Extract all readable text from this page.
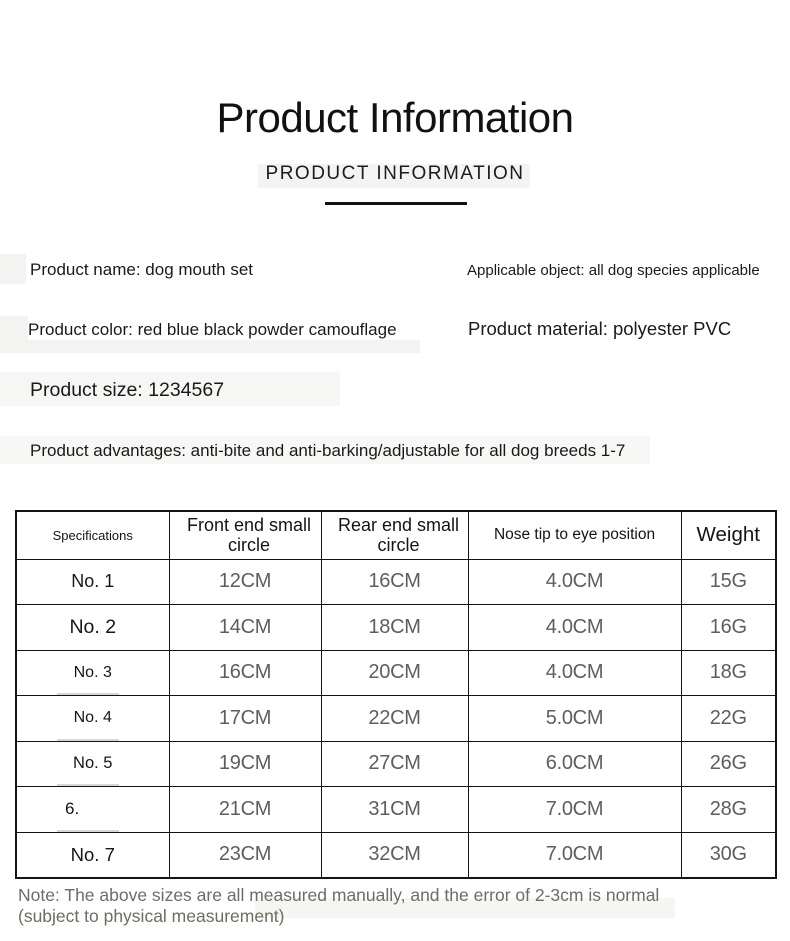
Product Information
PRODUCT INFORMATION
Product name: dog mouth set	Applicable object: all dog species applicable
Product color: red blue black powder camouflage	Product material: polyester PVC
Product size: 1234567
Product advantages: anti-bite and anti-barking/adjustable for all dog breeds 1-7
Specifications	Front end small circle	Rear end small circle	Nose tip to eye position	Weight
No. 1	12CM	16CM	4.0CM	15G
No. 2	14CM	18CM	4.0CM	16G
No. 3	16CM	20CM	4.0CM	18G
No. 4	17CM	22CM	5.0CM	22G
No. 5	19CM	27CM	6.0CM	26G
6.	21CM	31CM	7.0CM	28G
No. 7	23CM	32CM	7.0CM	30G
Note: The above sizes are all measured manually, and the error of 2-3cm is normal
(subject to physical measurement)
